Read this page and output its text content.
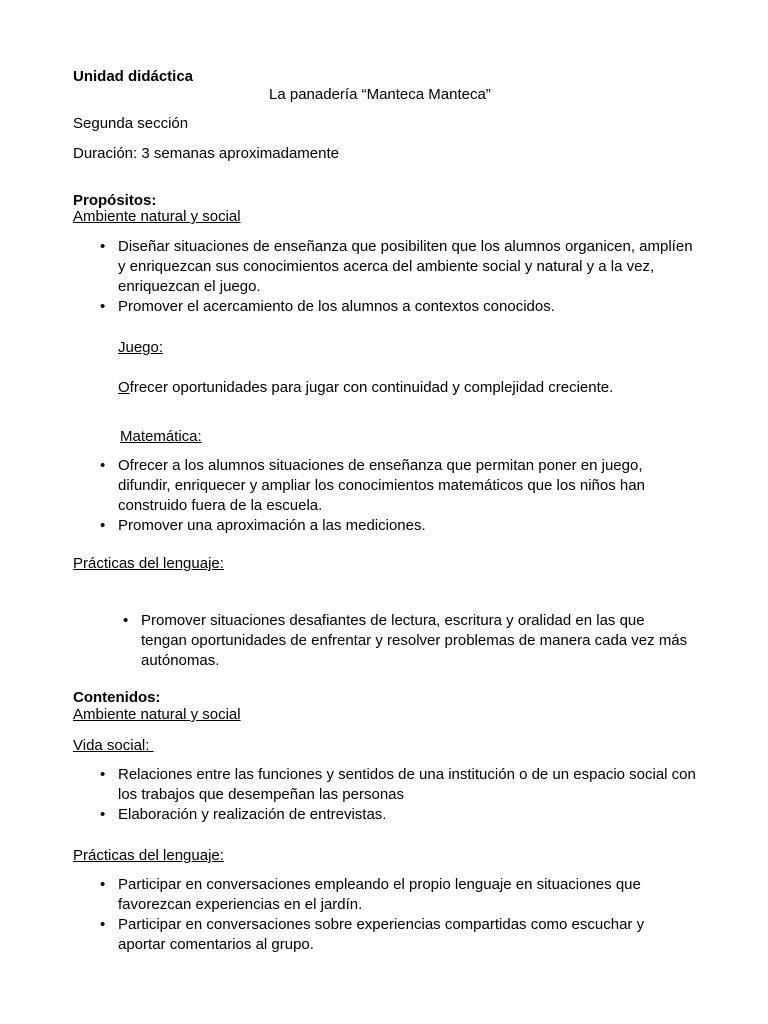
Unidad didáctica
La panadería “Manteca Manteca”
Segunda sección
Duración: 3 semanas aproximadamente
Propósitos:
Ambiente natural y social
• Diseñar situaciones de enseñanza que posibiliten que los alumnos organicen, amplíen y enriquezcan sus conocimientos acerca del ambiente social y natural y a la vez, enriquezcan el juego.
• Promover el acercamiento de los alumnos a contextos conocidos.
Juego:
Ofrecer oportunidades para jugar con continuidad y complejidad creciente.
Matemática:
• Ofrecer a los alumnos situaciones de enseñanza que permitan poner en juego, difundir, enriquecer y ampliar los conocimientos matemáticos que los niños han construido fuera de la escuela.
• Promover una aproximación a las mediciones.
Prácticas del lenguaje:
• Promover situaciones desafiantes de lectura, escritura y oralidad en las que tengan oportunidades de enfrentar y resolver problemas de manera cada vez más autónomas.
Contenidos:
Ambiente natural y social
Vida social:
• Relaciones entre las funciones y sentidos de una institución o de un espacio social con los trabajos que desempeñan las personas
• Elaboración y realización de entrevistas.
Prácticas del lenguaje:
• Participar en conversaciones empleando el propio lenguaje en situaciones que favorezcan experiencias en el jardín.
• Participar en conversaciones sobre experiencias compartidas como escuchar y aportar comentarios al grupo.
